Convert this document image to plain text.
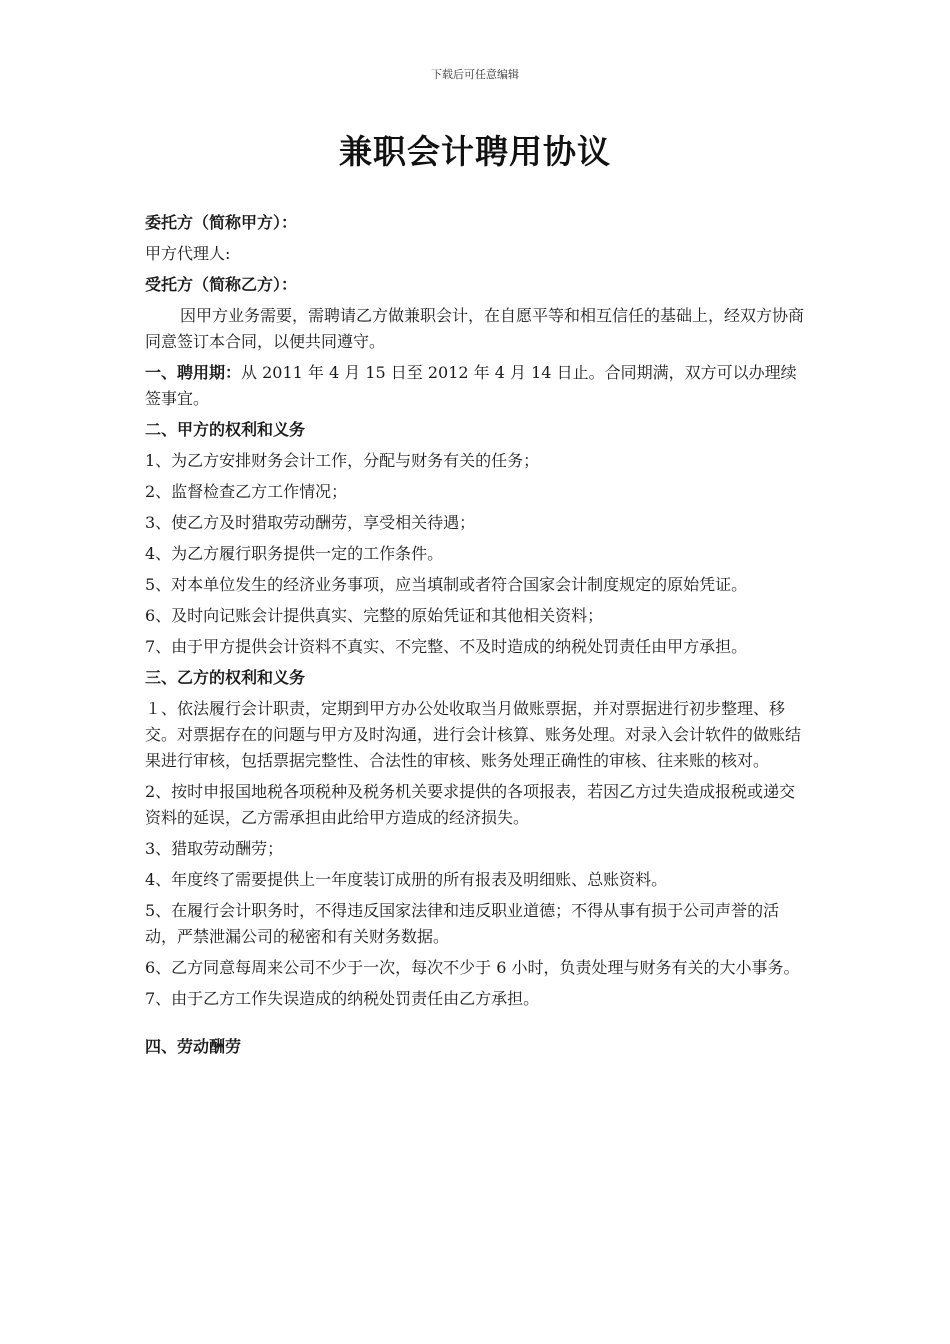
下载后可任意编辑
兼职会计聘用协议

委托方（简称甲方）：

甲方代理人:

受托方（简称乙方）：

因甲方业务需要，需聘请乙方做兼职会计，在自愿平等和相互信任的基础上，经双方协商同意签订本合同，以便共同遵守。

一、聘用期：从 2011 年 4 月 15 日至 2012 年 4 月 14 日止。合同期满，双方可以办理续签事宜。

二、甲方的权利和义务

1、为乙方安排财务会计工作，分配与财务有关的任务；

2、监督检查乙方工作情况；

3、使乙方及时猎取劳动酬劳，享受相关待遇；

4、为乙方履行职务提供一定的工作条件。

5、对本单位发生的经济业务事项，应当填制或者符合国家会计制度规定的原始凭证。

6、及时向记账会计提供真实、完整的原始凭证和其他相关资料；

7、由于甲方提供会计资料不真实、不完整、不及时造成的纳税处罚责任由甲方承担。

三、乙方的权利和义务

１、依法履行会计职责，定期到甲方办公处收取当月做账票据，并对票据进行初步整理、移交。对票据存在的问题与甲方及时沟通，进行会计核算、账务处理。对录入会计软件的做账结果进行审核，包括票据完整性、合法性的审核、账务处理正确性的审核、往来账的核对。

2、按时申报国地税各项税种及税务机关要求提供的各项报表，若因乙方过失造成报税或递交资料的延误，乙方需承担由此给甲方造成的经济损失。

3、猎取劳动酬劳；

4、年度终了需要提供上一年度装订成册的所有报表及明细账、总账资料。

5、在履行会计职务时，不得违反国家法律和违反职业道德；不得从事有损于公司声誉的活动，严禁泄漏公司的秘密和有关财务数据。

6、乙方同意每周来公司不少于一次，每次不少于 6 小时，负责处理与财务有关的大小事务。

7、由于乙方工作失误造成的纳税处罚责任由乙方承担。

四、劳动酬劳
